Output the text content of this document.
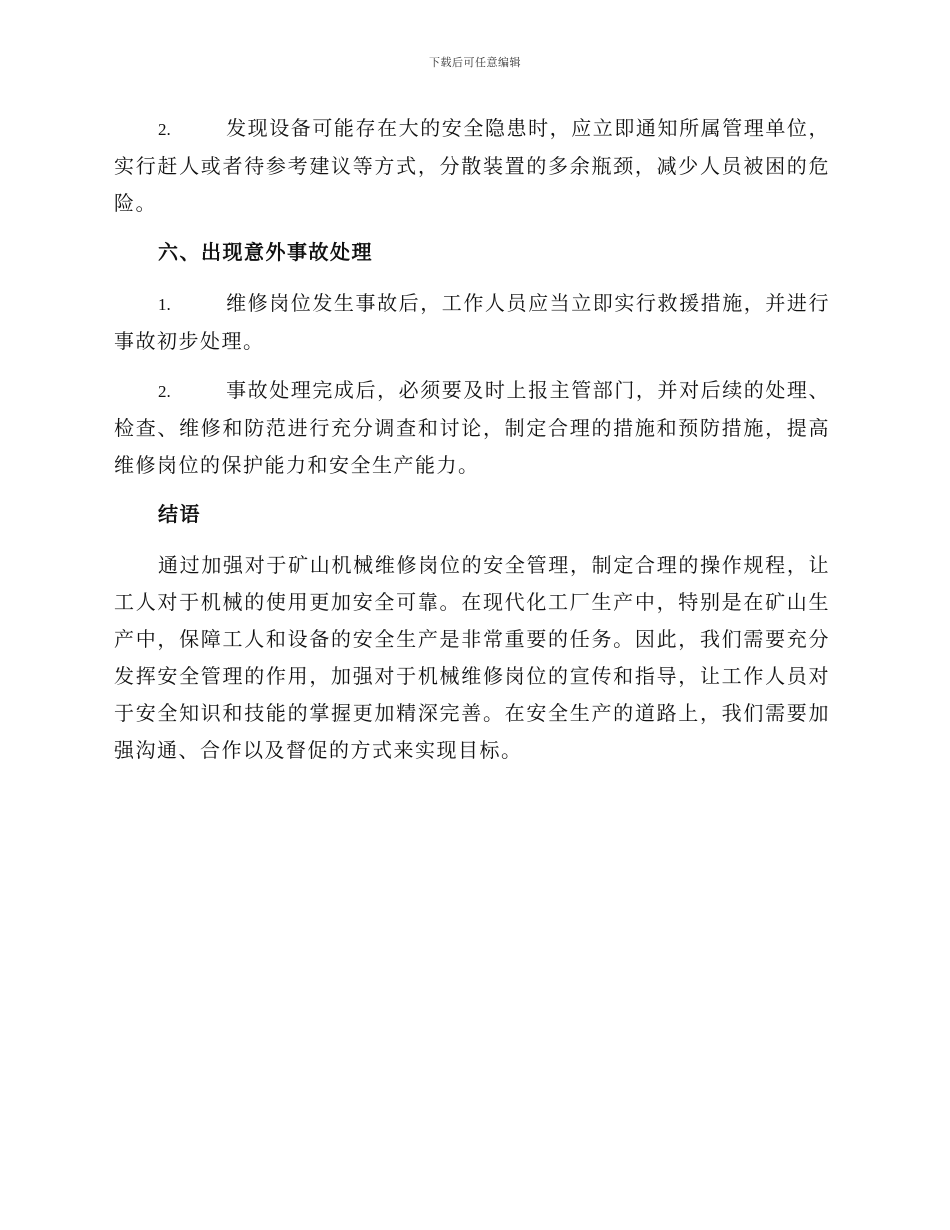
下载后可任意编辑

2.	发现设备可能存在大的安全隐患时，应立即通知所属管理单位，实行赶人或者待参考建议等方式，分散装置的多余瓶颈，减少人员被困的危险。

六、出现意外事故处理

1.	维修岗位发生事故后，工作人员应当立即实行救援措施，并进行事故初步处理。

2.	事故处理完成后，必须要及时上报主管部门，并对后续的处理、检查、维修和防范进行充分调查和讨论，制定合理的措施和预防措施，提高维修岗位的保护能力和安全生产能力。

结语

通过加强对于矿山机械维修岗位的安全管理，制定合理的操作规程，让工人对于机械的使用更加安全可靠。在现代化工厂生产中，特别是在矿山生产中，保障工人和设备的安全生产是非常重要的任务。因此，我们需要充分发挥安全管理的作用，加强对于机械维修岗位的宣传和指导，让工作人员对于安全知识和技能的掌握更加精深完善。在安全生产的道路上，我们需要加强沟通、合作以及督促的方式来实现目标。
